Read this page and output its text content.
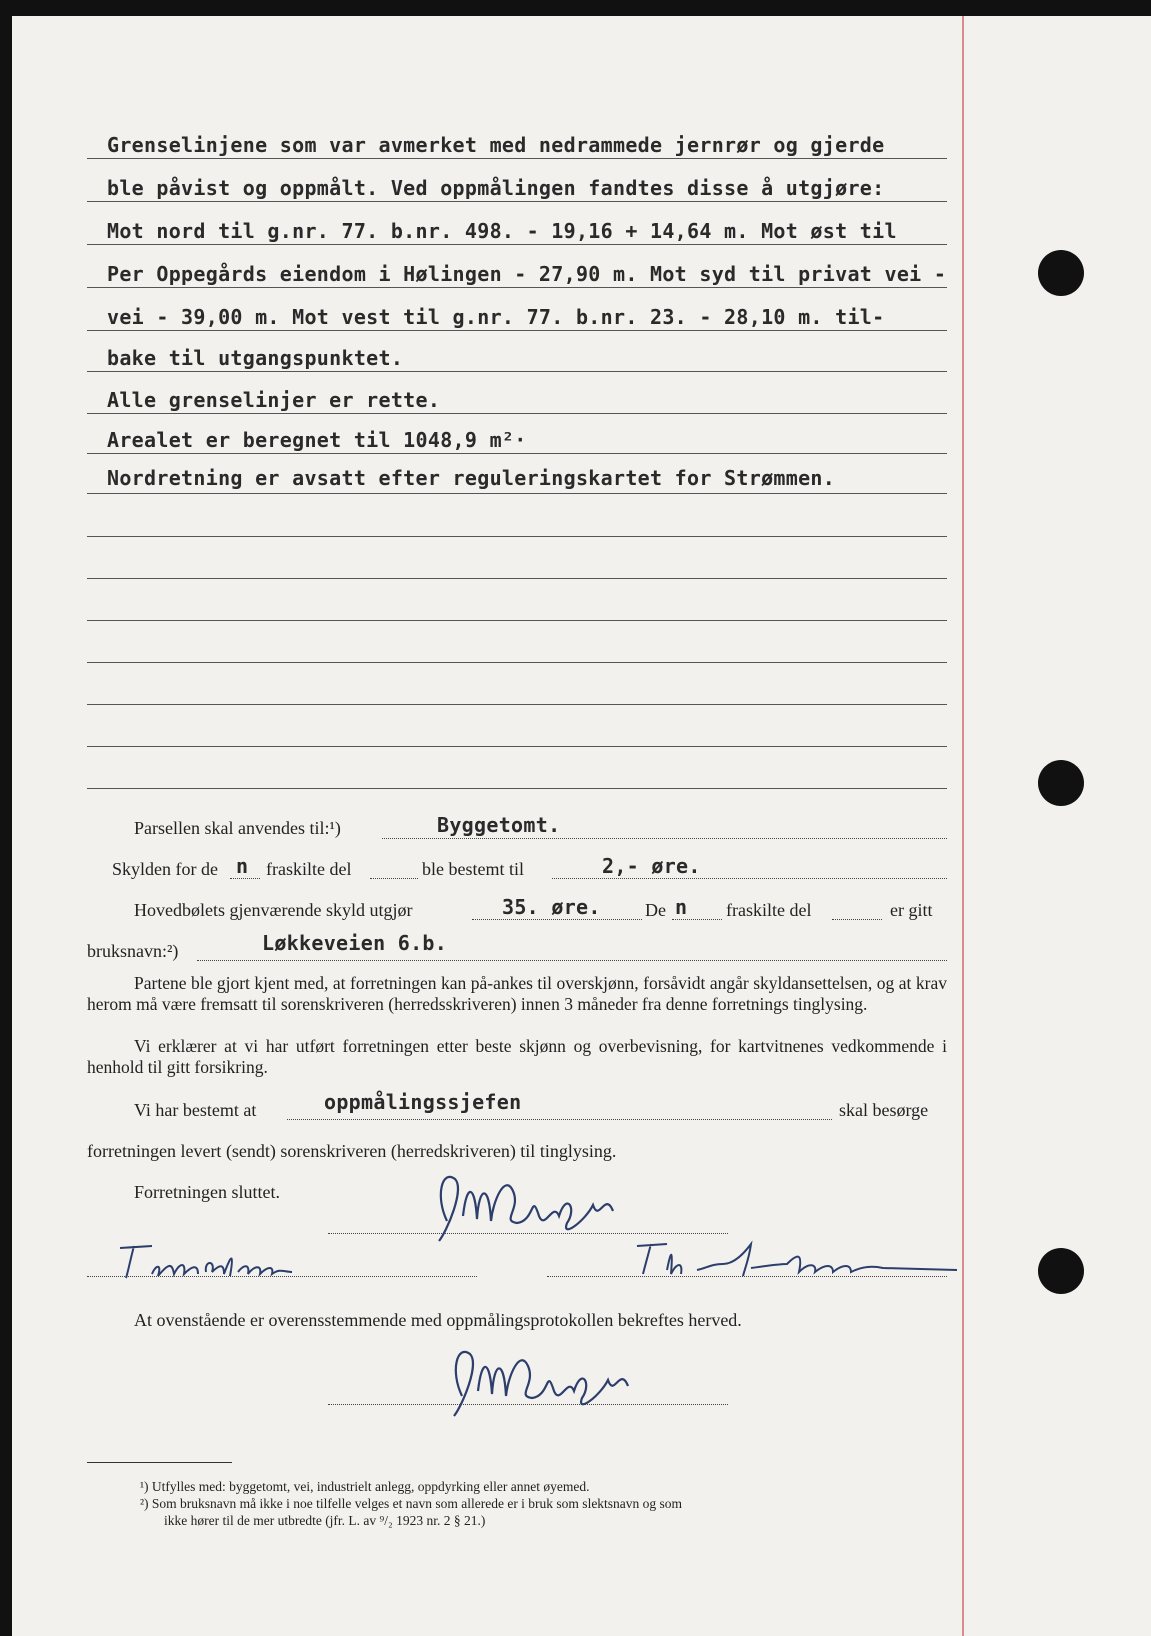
Grenselinjene som var avmerket med nedrammede jernrør og gjerde
ble påvist og oppmålt. Ved oppmålingen fandtes disse å utgjøre:
Mot nord til g.nr. 77. b.nr. 498. - 19,16 + 14,64 m. Mot øst til
Per Oppegårds eiendom i Hølingen - 27,90 m. Mot syd til privat vei -
vei - 39,00 m. Mot vest til g.nr. 77. b.nr. 23. - 28,10 m. til-
bake til utgangspunktet.
Alle grenselinjer er rette.
Arealet er beregnet til 1048,9 m²·
Nordretning er avsatt efter reguleringskartet for Strømmen.
Parsellen skal anvendes til:¹)	Byggetomt.
Skylden for de n fraskilte del	ble bestemt til	2,- øre.
Hovedbølets gjenværende skyld utgjør	35. øre. De n fraskilte del	er gitt
bruksnavn:²)	Løkkeveien 6.b.
Partene ble gjort kjent med, at forretningen kan på-ankes til overskjønn, forsåvidt angår skyldansettelsen, og at krav herom må være fremsatt til sorenskriveren (herredsskriveren) innen 3 måneder fra denne forretnings tinglysing.
Vi erklærer at vi har utført forretningen etter beste skjønn og overbevisning, for kartvitnenes vedkommende i henhold til gitt forsikring.
Vi har bestemt at	oppmålingssjefen	skal besørge
forretningen levert (sendt) sorenskriveren (herredskriveren) til tinglysing.
Forretningen sluttet.
At ovenstående er overensstemmende med oppmålingsprotokollen bekreftes herved.
¹) Utfylles med: byggetomt, vei, industrielt anlegg, oppdyrking eller annet øyemed.
²) Som bruksnavn må ikke i noe tilfelle velges et navn som allerede er i bruk som slektsnavn og som
ikke hører til de mer utbredte (jfr. L. av ⁹/₂ 1923 nr. 2 § 21.)
